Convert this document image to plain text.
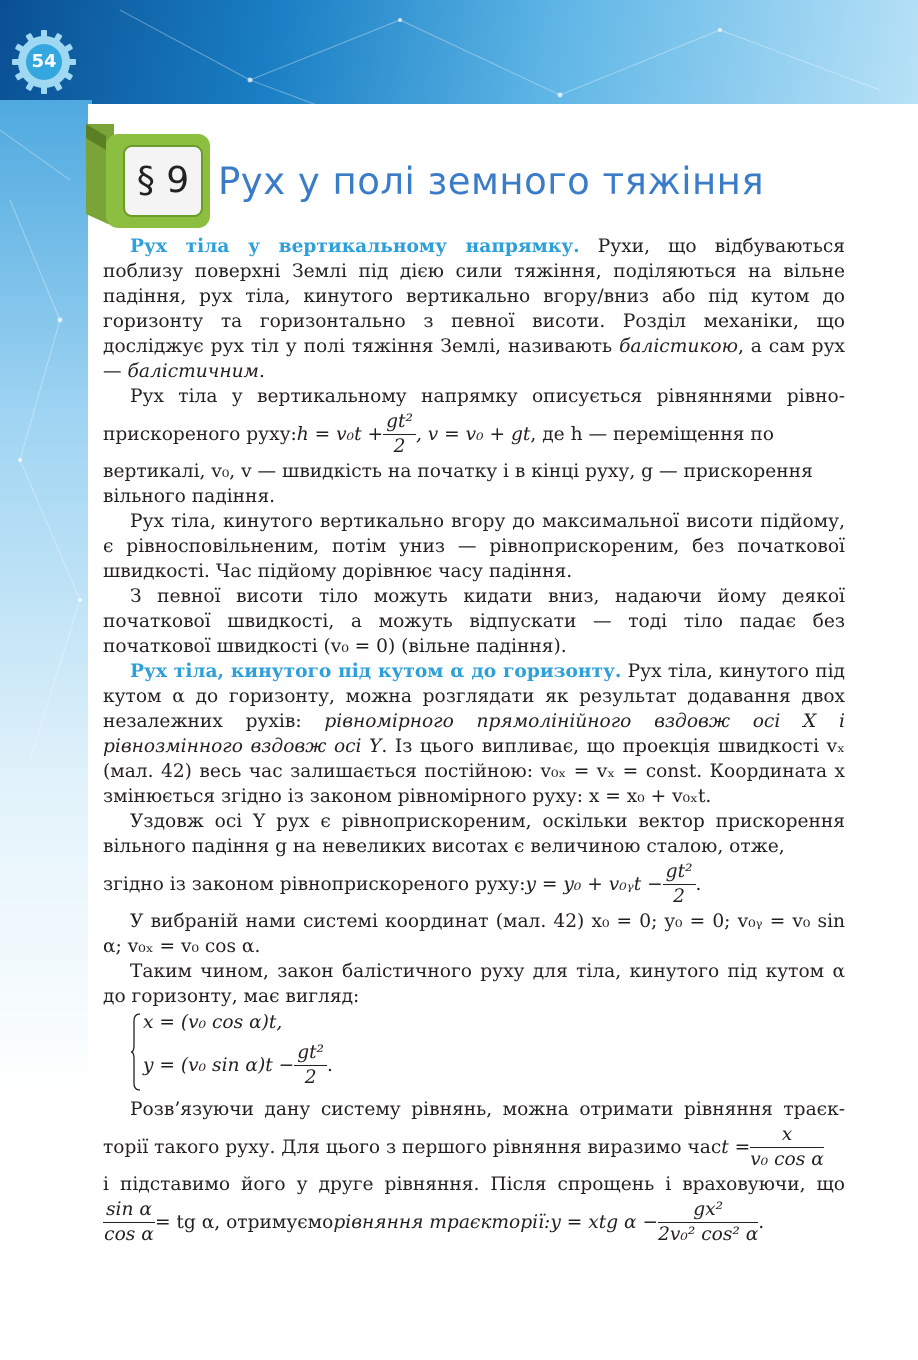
54
§ 9 Рух у полі земного тяжіння

Рух тіла у вертикальному напрямку. Рухи, що відбуваються поблизу поверхні Землі під дією сили тяжіння, поділяються на вільне падіння, рух тіла, кинутого вертикально вгору/вниз або під кутом до горизонту та горизонтально з певної висоти. Розділ механіки, що досліджує рух тіл у полі тяжіння Землі, називають балістикою, а сам рух — балістичним.

Рух тіла у вертикальному напрямку описується рівняннями рівно-

прискореного руху: $h = v_0t + \frac{\text{gt²}}{2}$ , v = v₀ + gt , де h — переміщення по
вертикалі, v₀, v — швидкість на початку і в кінці руху, g — прискорення
вільного падіння.

Рух тіла, кинутого вертикально вгору до максимальної висоти підйому, є рівносповільненим, потім униз — рівноприскореним, без початкової швидкості. Час підйому дорівнює часу падіння.

З певної висоти тіло можуть кидати вниз, надаючи йому деякої початкової швидкості, а можуть відпускати — тоді тіло падає без початкової швидкості (v₀ = 0) (вільне падіння).

Рух тіла, кинутого під кутом α до горизонту. Рух тіла, кинутого під кутом α до горизонту, можна розглядати як результат додавання двох незалежних рухів: рівномірного прямолінійного вздовж осі X і рівнозмінного вздовж осі Y. Із цього випливає, що проекція швидкості vₓ (мал. 42) весь час залишається постійною: v₀ₓ = vₓ = const. Координата x змінюється згідно із законом рівномірного руху: x = x₀ + v₀ₓt.

Уздовж осі Y рух є рівноприскореним, оскільки вектор прискорення вільного падіння g на невеликих висотах є величиною сталою, отже,

згідно із законом рівноприскореного руху: y = y₀ + v₀ᵧt − $\frac{\text{gt²}}{2}$ .

У вибраній нами системі координат (мал. 42) x₀ = 0; y₀ = 0; v₀ᵧ = v₀ sin α; v₀ₓ = v₀ cos α.

Таким чином, закон балістичного руху для тіла, кинутого під кутом α до горизонту, має вигляд:

x = (v₀ cos α)t,
y = (v₀ $\sin \alpha)t - \frac{\text{gt²}}{2}$ .

Розв’язуючи дану систему рівнянь, можна отримати рівняння траєк-

торії такого руху. Для цього з першого рівняння виразимо час $t = \frac{x}{\text{v₀ cos α}}$
і підставимо його у друге рівняння. Після спрощень і враховуючи, що
$\frac{\text{sin α}}{\text{cos α}}$ = tg α, отримуємо рівняння траєкторії: y = xtg $\alpha - \frac{\text{gx²}}{\text{2v₀² cos² α}}$ .
